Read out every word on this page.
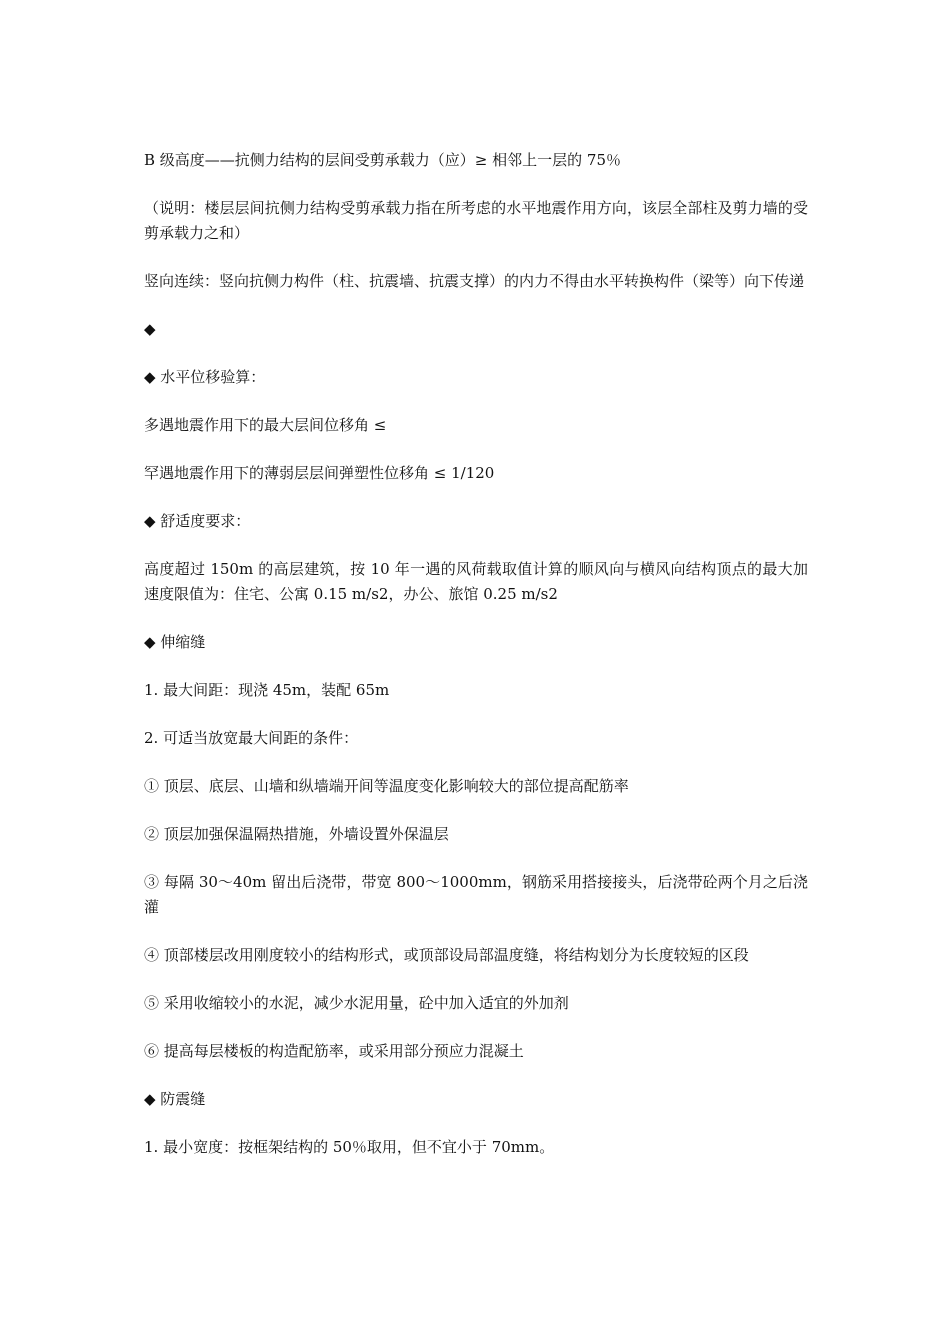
B 级高度——抗侧力结构的层间受剪承载力（应）≥ 相邻上一层的 75％

（说明：楼层层间抗侧力结构受剪承载力指在所考虑的水平地震作用方向，该层全部柱及剪力墙的受剪承载力之和）

竖向连续：竖向抗侧力构件（柱、抗震墙、抗震支撑）的内力不得由水平转换构件（梁等）向下传递

◆

◆ 水平位移验算：

多遇地震作用下的最大层间位移角 ≤

罕遇地震作用下的薄弱层层间弹塑性位移角 ≤ 1/120

◆ 舒适度要求：

高度超过 150m 的高层建筑，按 10 年一遇的风荷载取值计算的顺风向与横风向结构顶点的最大加速度限值为：住宅、公寓 0.15 m/s2，办公、旅馆 0.25 m/s2

◆ 伸缩缝

1. 最大间距：现浇 45m，装配 65m

2. 可适当放宽最大间距的条件：

① 顶层、底层、山墙和纵墙端开间等温度变化影响较大的部位提高配筋率

② 顶层加强保温隔热措施，外墙设置外保温层

③ 每隔 30～40m 留出后浇带，带宽 800～1000mm，钢筋采用搭接接头，后浇带砼两个月之后浇灌

④ 顶部楼层改用刚度较小的结构形式，或顶部设局部温度缝，将结构划分为长度较短的区段

⑤ 采用收缩较小的水泥，减少水泥用量，砼中加入适宜的外加剂

⑥ 提高每层楼板的构造配筋率，或采用部分预应力混凝土

◆ 防震缝

1. 最小宽度：按框架结构的 50％取用，但不宜小于 70mm。
